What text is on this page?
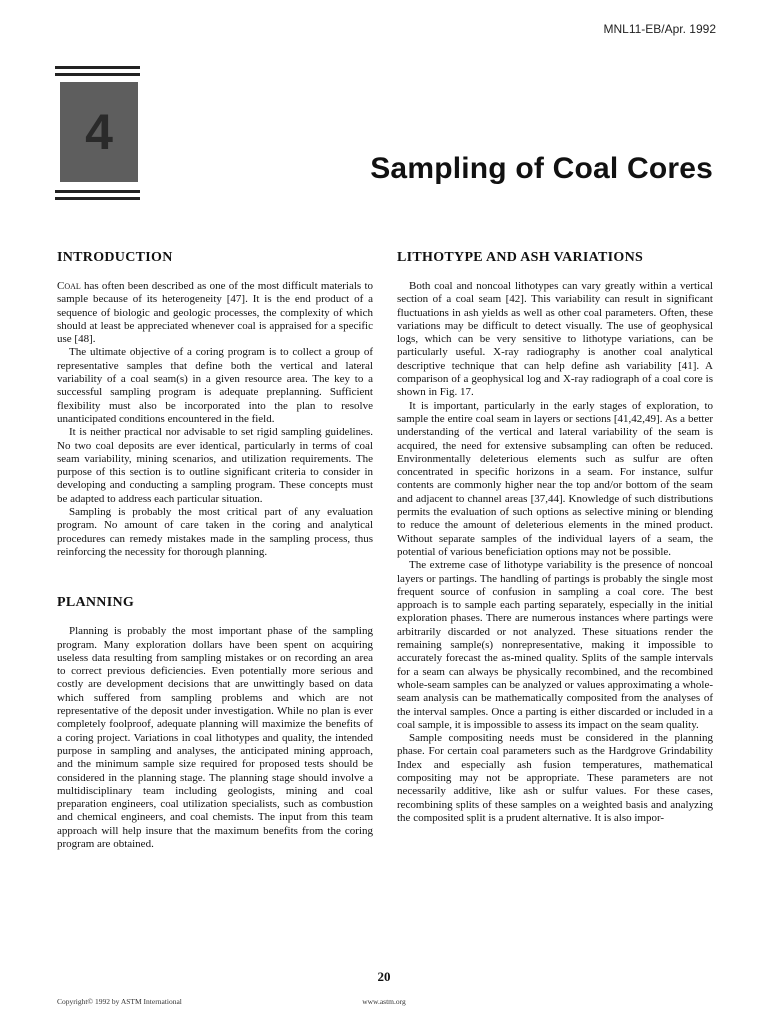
MNL11-EB/Apr. 1992
4
Sampling of Coal Cores
INTRODUCTION

Coal has often been described as one of the most difficult materials to sample because of its heterogeneity [47]. It is the end product of a sequence of biologic and geologic processes, the complexity of which should at least be appreciated whenever coal is appraised for a specific use [48].

The ultimate objective of a coring program is to collect a group of representative samples that define both the vertical and lateral variability of a coal seam(s) in a given resource area. The key to a successful sampling program is adequate preplanning. Sufficient flexibility must also be incorporated into the plan to resolve unanticipated conditions encountered in the field.

It is neither practical nor advisable to set rigid sampling guidelines. No two coal deposits are ever identical, particularly in terms of coal seam variability, mining scenarios, and utilization requirements. The purpose of this section is to outline significant criteria to consider in developing and conducting a sampling program. These concepts must be adapted to address each particular situation.

Sampling is probably the most critical part of any evaluation program. No amount of care taken in the coring and analytical procedures can remedy mistakes made in the sampling process, thus reinforcing the necessity for thorough planning.

PLANNING

Planning is probably the most important phase of the sampling program. Many exploration dollars have been spent on acquiring useless data resulting from sampling mistakes or on recording an area to correct previous deficiencies. Even potentially more serious and costly are development decisions that are unwittingly based on data which suffered from sampling problems and which are not representative of the deposit under investigation. While no plan is ever completely foolproof, adequate planning will maximize the benefits of a coring project. Variations in coal lithotypes and quality, the intended purpose in sampling and analyses, the anticipated mining approach, and the minimum sample size required for proposed tests should be considered in the planning stage. The planning stage should involve a multidisciplinary team including geologists, mining and coal preparation engineers, coal utilization specialists, such as combustion and chemical engineers, and coal chemists. The input from this team approach will help insure that the maximum benefits from the coring program are obtained.

LITHOTYPE AND ASH VARIATIONS

Both coal and noncoal lithotypes can vary greatly within a vertical section of a coal seam [42]. This variability can result in significant fluctuations in ash yields as well as other coal parameters. Often, these variations may be difficult to detect visually. The use of geophysical logs, which can be very sensitive to lithotype variations, can be particularly useful. X-ray radiography is another coal analytical descriptive technique that can help define ash variability [41]. A comparison of a geophysical log and X-ray radiograph of a coal core is shown in Fig. 17.

It is important, particularly in the early stages of exploration, to sample the entire coal seam in layers or sections [41,42,49]. As a better understanding of the vertical and lateral variability of the seam is acquired, the need for extensive subsampling can often be reduced. Environmentally deleterious elements such as sulfur are often concentrated in specific horizons in a seam. For instance, sulfur contents are commonly higher near the top and/or bottom of the seam and adjacent to channel areas [37,44]. Knowledge of such distributions permits the evaluation of such options as selective mining or blending to reduce the amount of deleterious elements in the mined product. Without separate samples of the individual layers of a seam, the potential of various beneficiation options may not be possible.

The extreme case of lithotype variability is the presence of noncoal layers or partings. The handling of partings is probably the single most frequent source of confusion in sampling a coal core. The best approach is to sample each parting separately, especially in the initial exploration phases. There are numerous instances where partings were arbitrarily discarded or not analyzed. These situations render the remaining sample(s) nonrepresentative, making it impossible to accurately forecast the as-mined quality. Splits of the sample intervals for a seam can always be physically recombined, and the recombined whole-seam samples can be analyzed or values approximating a whole-seam analysis can be mathematically composited from the analyses of the interval samples. Once a parting is either discarded or included in a coal sample, it is impossible to assess its impact on the seam quality.

Sample compositing needs must be considered in the planning phase. For certain coal parameters such as the Hardgrove Grindability Index and especially ash fusion temperatures, mathematical compositing may not be appropriate. These parameters are not necessarily additive, like ash or sulfur values. For these cases, recombining splits of these samples on a weighted basis and analyzing the composited split is a prudent alternative. It is also impor-

20
Copyright© 1992 by ASTM International	www.astm.org
